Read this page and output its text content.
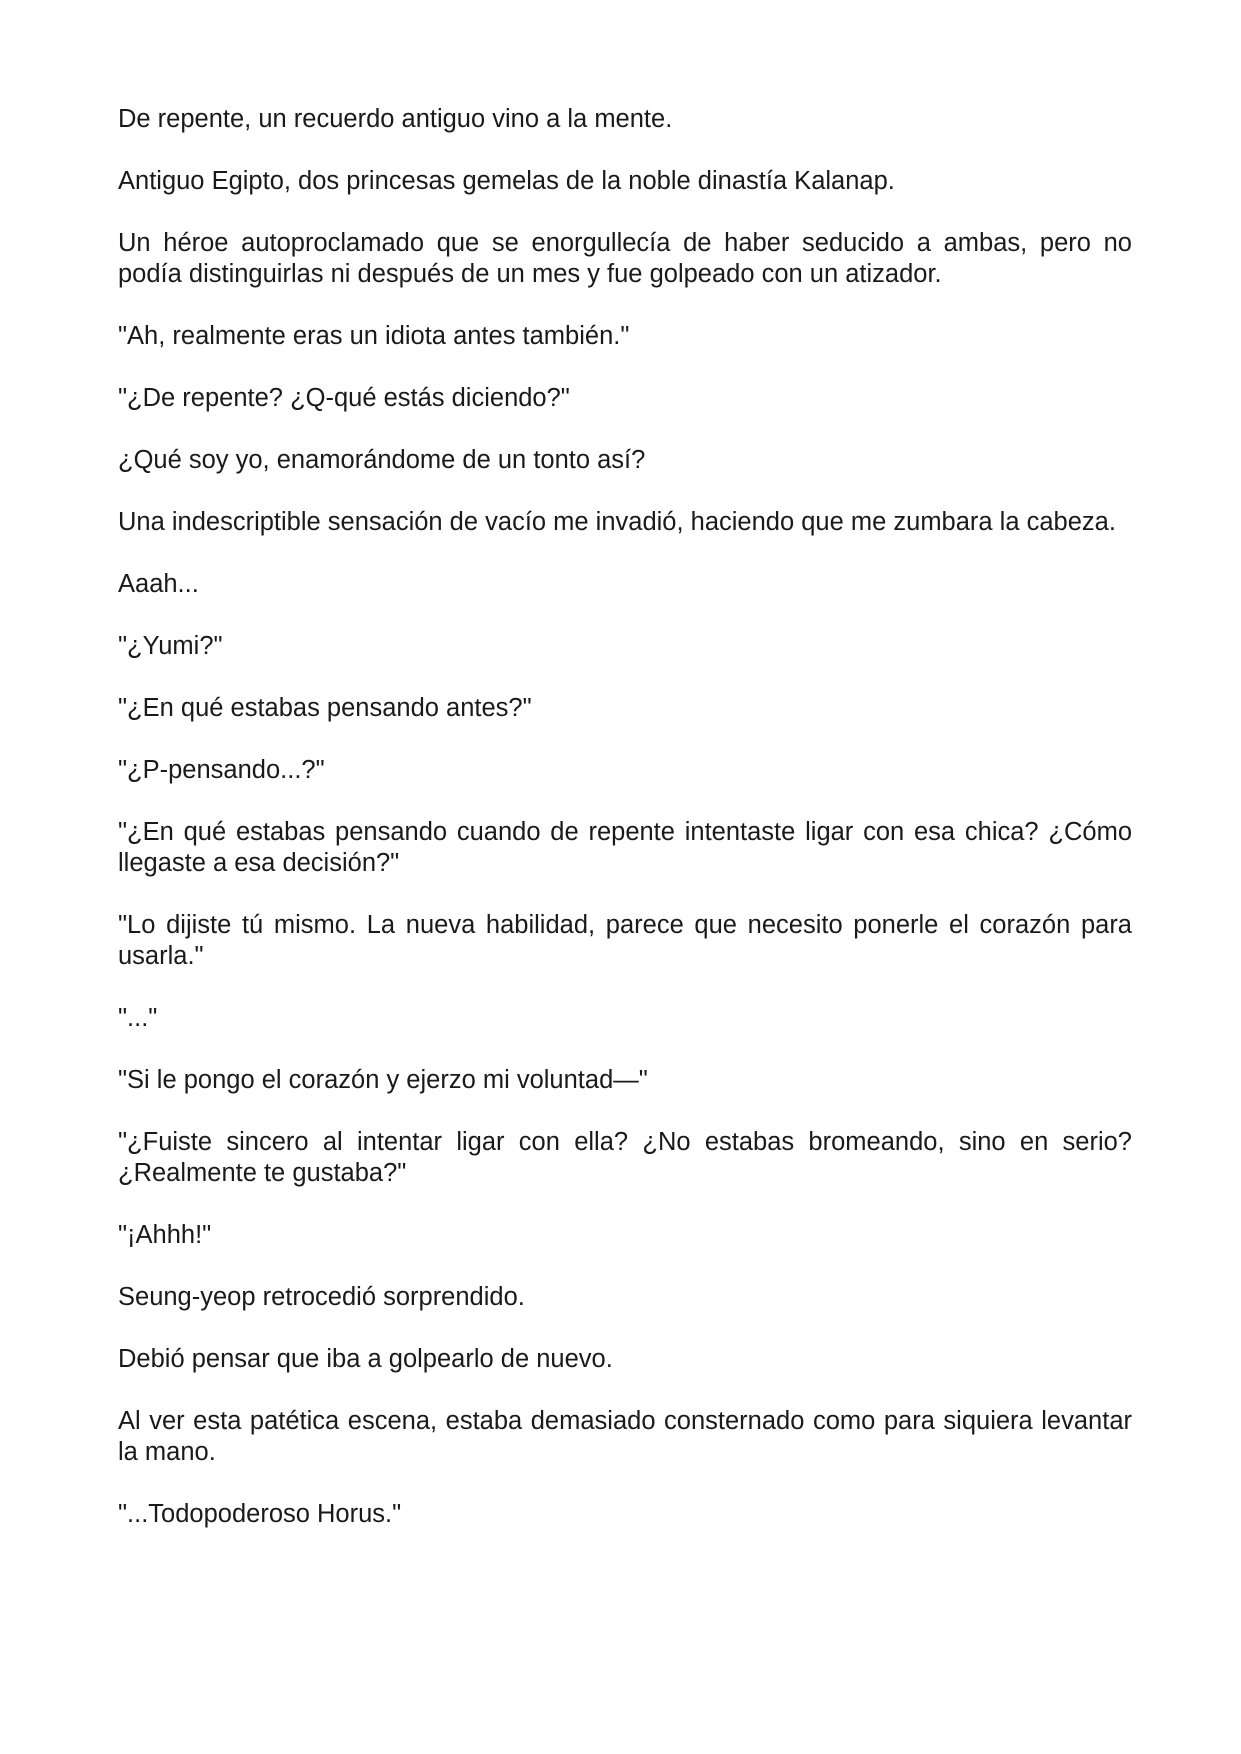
De repente, un recuerdo antiguo vino a la mente.

Antiguo Egipto, dos princesas gemelas de la noble dinastía Kalanap.

Un héroe autoproclamado que se enorgullecía de haber seducido a ambas, pero no podía distinguirlas ni después de un mes y fue golpeado con un atizador.

"Ah, realmente eras un idiota antes también."

"¿De repente? ¿Q-qué estás diciendo?"

¿Qué soy yo, enamorándome de un tonto así?

Una indescriptible sensación de vacío me invadió, haciendo que me zumbara la cabeza.

Aaah...

"¿Yumi?"

"¿En qué estabas pensando antes?"

"¿P-pensando...?"

"¿En qué estabas pensando cuando de repente intentaste ligar con esa chica? ¿Cómo llegaste a esa decisión?"

"Lo dijiste tú mismo. La nueva habilidad, parece que necesito ponerle el corazón para usarla."

"..."

"Si le pongo el corazón y ejerzo mi voluntad—"

"¿Fuiste sincero al intentar ligar con ella? ¿No estabas bromeando, sino en serio? ¿Realmente te gustaba?"

"¡Ahhh!"

Seung-yeop retrocedió sorprendido.

Debió pensar que iba a golpearlo de nuevo.

Al ver esta patética escena, estaba demasiado consternado como para siquiera levantar la mano.

"...Todopoderoso Horus."
